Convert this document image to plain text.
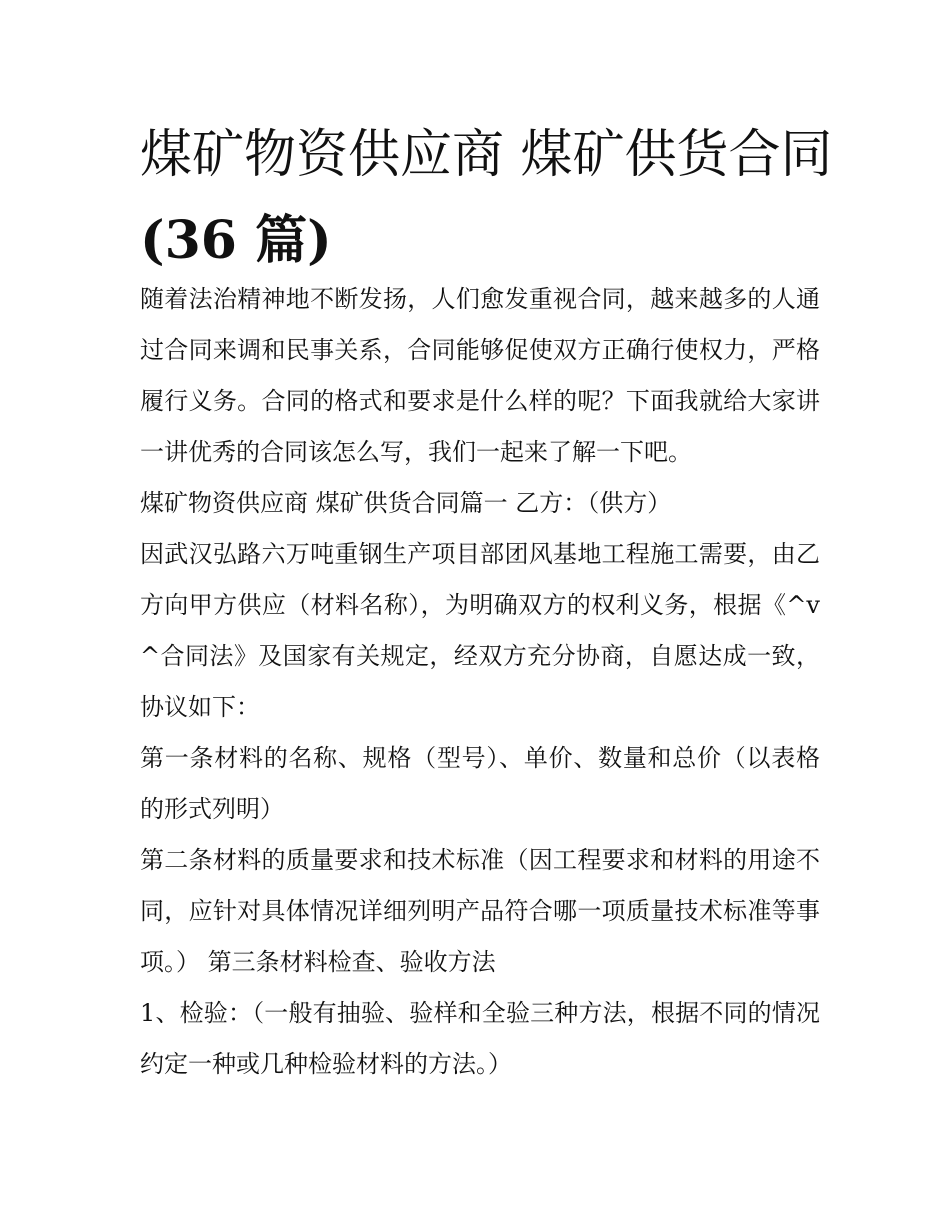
煤矿物资供应商 煤矿供货合同
(36 篇)

随着法治精神地不断发扬，人们愈发重视合同，越来越多的人通过合同来调和民事关系，合同能够促使双方正确行使权力，严格履行义务。合同的格式和要求是什么样的呢？下面我就给大家讲一讲优秀的合同该怎么写，我们一起来了解一下吧。

煤矿物资供应商 煤矿供货合同篇一 乙方：（供方）

因武汉弘路六万吨重钢生产项目部团风基地工程施工需要，由乙方向甲方供应（材料名称），为明确双方的权利义务，根据《^v^合同法》及国家有关规定，经双方充分协商，自愿达成一致，协议如下：

第一条材料的名称、规格（型号）、单价、数量和总价（以表格的形式列明）

第二条材料的质量要求和技术标准（因工程要求和材料的用途不同，应针对具体情况详细列明产品符合哪一项质量技术标准等事项。） 第三条材料检查、验收方法

1、检验：（一般有抽验、验样和全验三种方法，根据不同的情况约定一种或几种检验材料的方法。）
